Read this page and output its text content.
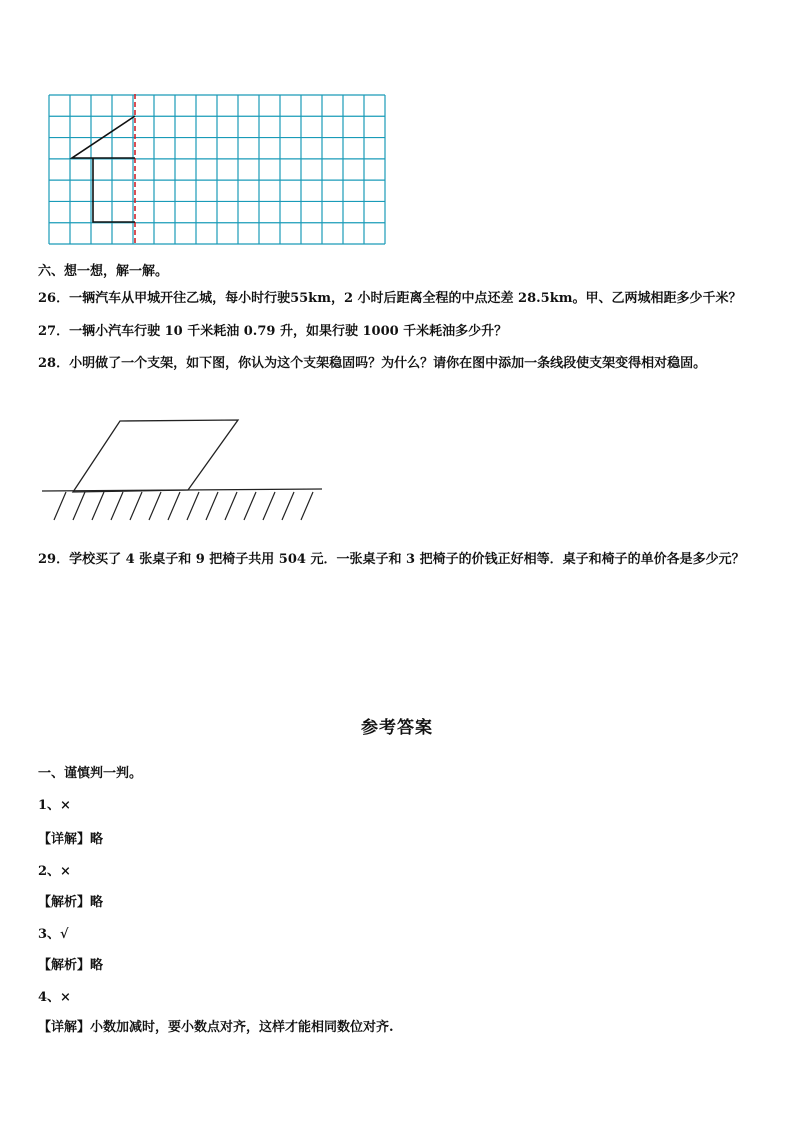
六、想一想，解一解。
26．一辆汽车从甲城开往乙城，每小时行驶55km，2 小时后距离全程的中点还差 28.5km。甲、乙两城相距多少千米？
27．一辆小汽车行驶 10 千米耗油 0.79 升，如果行驶 1000 千米耗油多少升？
28．小明做了一个支架，如下图，你认为这个支架稳固吗？为什么？请你在图中添加一条线段使支架变得相对稳固。
29．学校买了 4 张桌子和 9 把椅子共用 504 元．一张桌子和 3 把椅子的价钱正好相等．桌子和椅子的单价各是多少元？
参考答案
一、谨慎判一判。
1、×
【详解】略
2、×
【解析】略
3、√
【解析】略
4、×
【详解】小数加减时，要小数点对齐，这样才能相同数位对齐.
